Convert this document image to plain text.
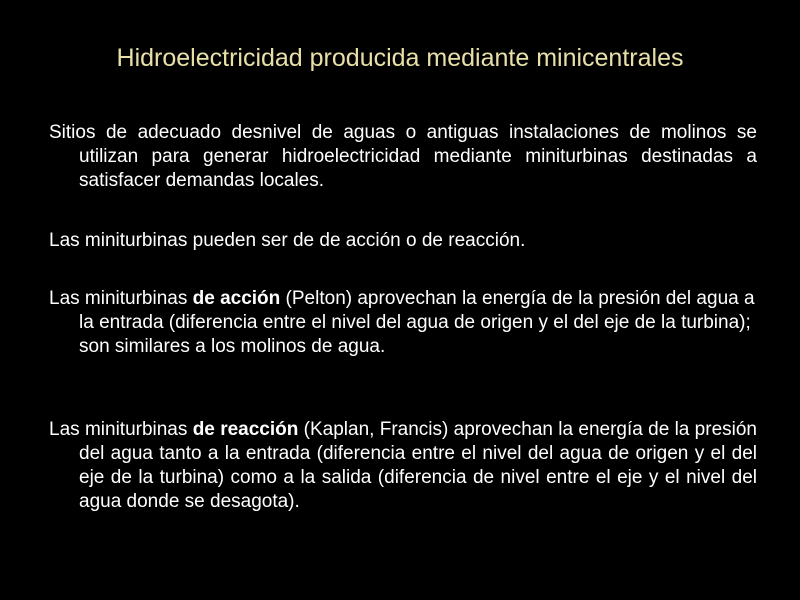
Hidroelectricidad producida mediante minicentrales
Sitios de adecuado desnivel de aguas o antiguas instalaciones de molinos se utilizan para generar hidroelectricidad mediante miniturbinas destinadas a satisfacer demandas locales.
Las miniturbinas pueden ser de de acción o de reacción.
Las miniturbinas de acción (Pelton) aprovechan la energía de la presión del agua a la entrada (diferencia entre el nivel del agua de origen y el del eje de la turbina); son similares a los molinos de agua.
Las miniturbinas de reacción (Kaplan, Francis) aprovechan la energía de la presión del agua tanto a la entrada (diferencia entre el nivel del agua de origen y el del eje de la turbina) como a la salida (diferencia de nivel entre el eje y el nivel del agua donde se desagota).
